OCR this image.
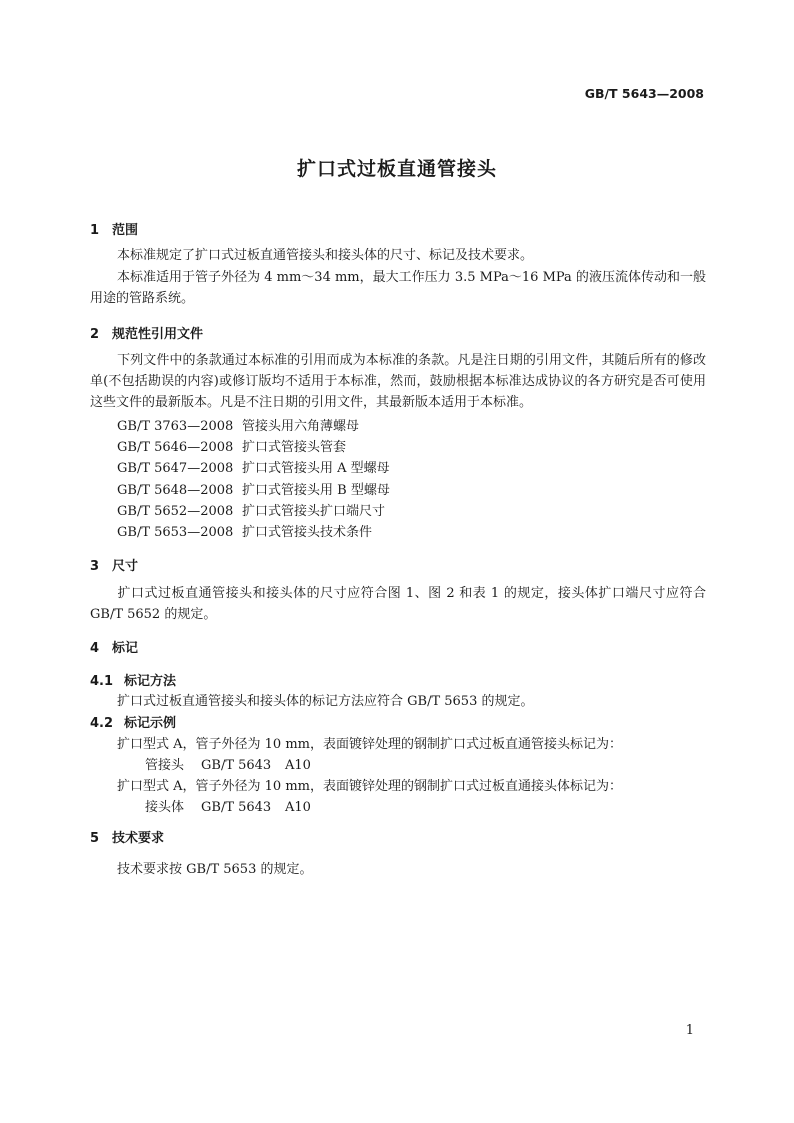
GB/T 5643—2008
扩口式过板直通管接头
1 范围
本标准规定了扩口式过板直通管接头和接头体的尺寸、标记及技术要求。
本标准适用于管子外径为 4 mm～34 mm，最大工作压力 3.5 MPa～16 MPa 的液压流体传动和一般用途的管路系统。
2 规范性引用文件
下列文件中的条款通过本标准的引用而成为本标准的条款。凡是注日期的引用文件，其随后所有的修改单(不包括勘误的内容)或修订版均不适用于本标准，然而，鼓励根据本标准达成协议的各方研究是否可使用这些文件的最新版本。凡是不注日期的引用文件，其最新版本适用于本标准。
GB/T 3763—2008 管接头用六角薄螺母
GB/T 5646—2008 扩口式管接头管套
GB/T 5647—2008 扩口式管接头用 A 型螺母
GB/T 5648—2008 扩口式管接头用 B 型螺母
GB/T 5652—2008 扩口式管接头扩口端尺寸
GB/T 5653—2008 扩口式管接头技术条件
3 尺寸
扩口式过板直通管接头和接头体的尺寸应符合图 1、图 2 和表 1 的规定，接头体扩口端尺寸应符合 GB/T 5652 的规定。
4 标记
4.1 标记方法
扩口式过板直通管接头和接头体的标记方法应符合 GB/T 5653 的规定。
4.2 标记示例
扩口型式 A，管子外径为 10 mm，表面镀锌处理的钢制扩口式过板直通管接头标记为：
管接头 GB/T 5643 A10
扩口型式 A，管子外径为 10 mm，表面镀锌处理的钢制扩口式过板直通接头体标记为：
接头体 GB/T 5643 A10
5 技术要求
技术要求按 GB/T 5653 的规定。
1
